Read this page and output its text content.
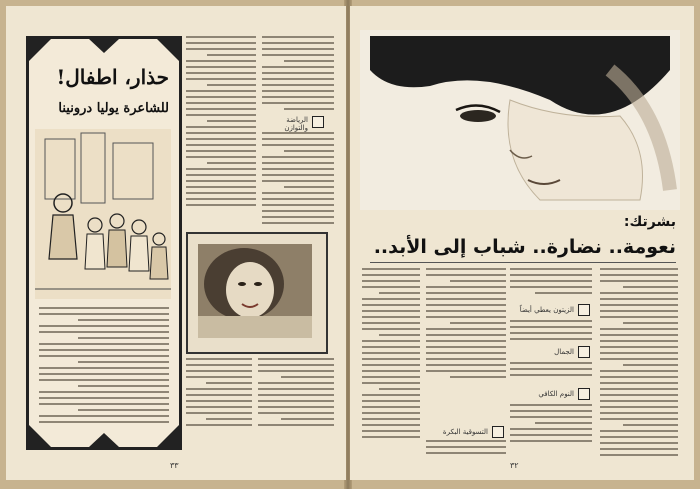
حذار، اطفال!
للشاعرة يوليا درونينا
الرياضة والتوازن
٣٣
بشرتك:
نعومة.. نضارة.. شباب إلى الأبد..
الزيتون يعطي أيضاً
الجمال
النوم الكافي
التسوقية البكرة
٣٢
